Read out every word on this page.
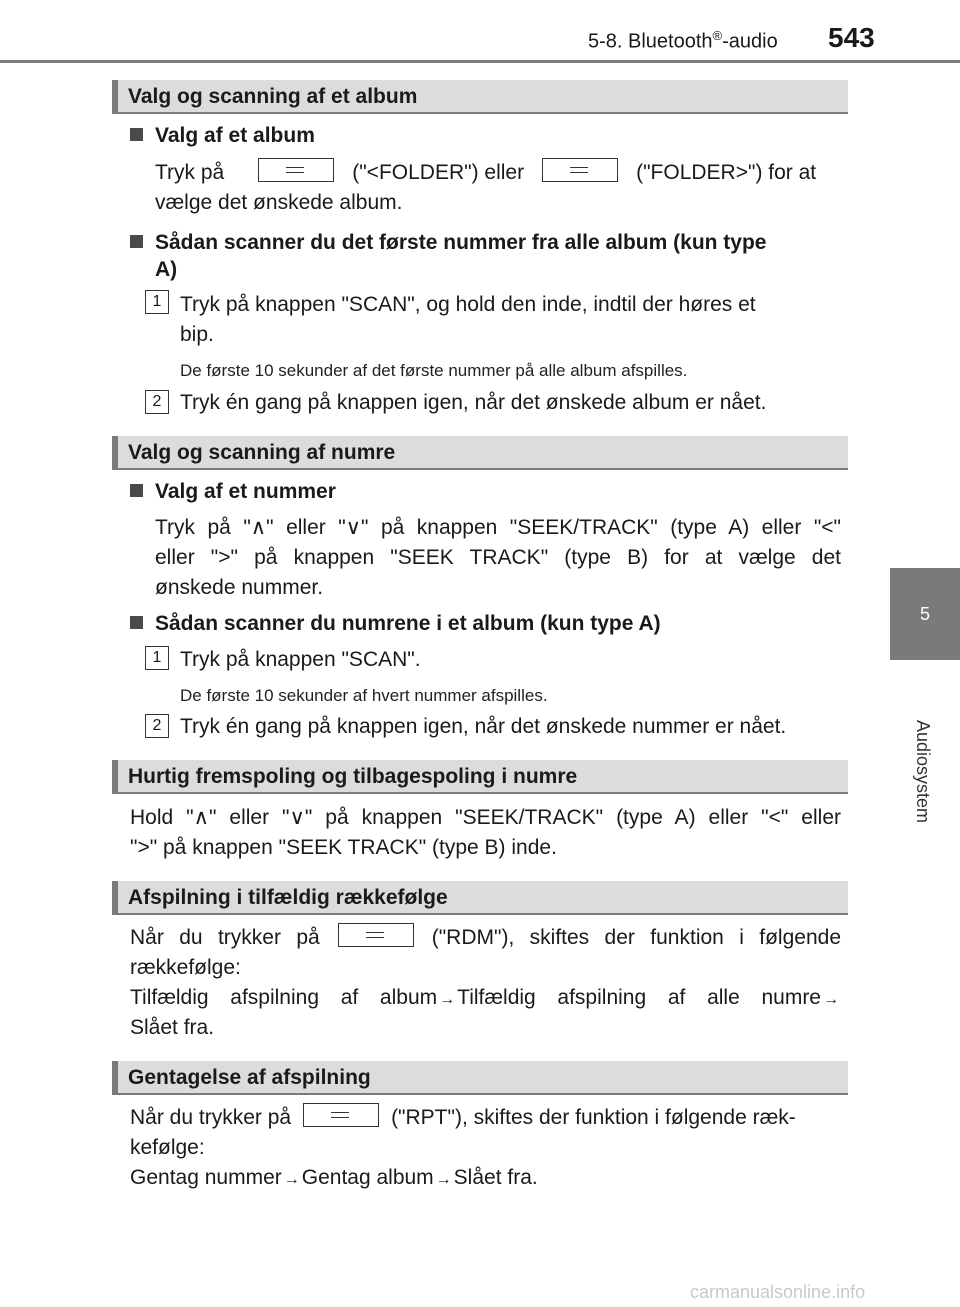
5-8. Bluetooth®-audio 543
5
Audiosystem
Valg og scanning af et album
Valg af et album
Tryk på	("<FOLDER") eller	("FOLDER>") for at
vælge det ønskede album.
Sådan scanner du det første nummer fra alle album (kun type
A)
1 Tryk på knappen "SCAN", og hold den inde, indtil der høres et
bip.
De første 10 sekunder af det første nummer på alle album afspilles.
2 Tryk én gang på knappen igen, når det ønskede album er nået.
Valg og scanning af numre
Valg af et nummer
Tryk på "∧" eller "∨" på knappen "SEEK/TRACK" (type A) eller "<"
eller ">" på knappen "SEEK TRACK" (type B) for at vælge det
ønskede nummer.
Sådan scanner du numrene i et album (kun type A)
1 Tryk på knappen "SCAN".
De første 10 sekunder af hvert nummer afspilles.
2 Tryk én gang på knappen igen, når det ønskede nummer er nået.
Hurtig fremspoling og tilbagespoling i numre
Hold "∧" eller "∨" på knappen "SEEK/TRACK" (type A) eller "<" eller
">" på knappen "SEEK TRACK" (type B) inde.
Afspilning i tilfældig rækkefølge
Når du trykker på	("RDM"), skiftes der funktion i følgende
rækkefølge:
Tilfældig afspilning af album →Tilfældig afspilning af alle numre →
Slået fra.
Gentagelse af afspilning
Når du trykker på	("RPT"), skiftes der funktion i følgende ræk-
kefølge:
Gentag nummer →Gentag album →Slået fra.
carmanualsonline.info
